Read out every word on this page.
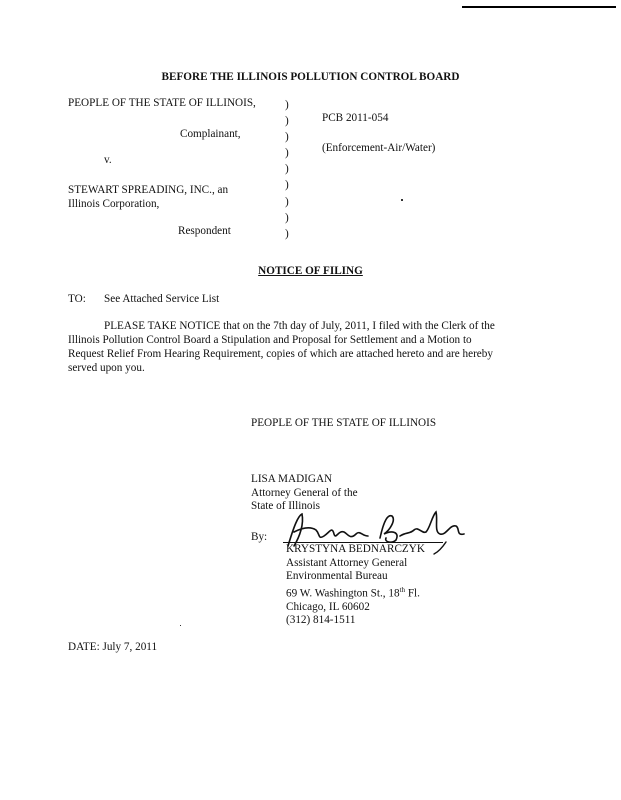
BEFORE THE ILLINOIS POLLUTION CONTROL BOARD
PEOPLE OF THE STATE OF ILLINOIS,
Complainant,
v.
STEWART SPREADING, INC., an
Illinois Corporation,
Respondent
)
)
)
)
)
)
)
)
)
PCB 2011-054
(Enforcement-Air/Water)
NOTICE OF FILING
TO: See Attached Service List
PLEASE TAKE NOTICE that on the 7th day of July, 2011, I filed with the Clerk of the
Illinois Pollution Control Board a Stipulation and Proposal for Settlement and a Motion to
Request Relief From Hearing Requirement, copies of which are attached hereto and are hereby
served upon you.
PEOPLE OF THE STATE OF ILLINOIS
LISA MADIGAN
Attorney General of the
State of Illinois
By:
KRYSTYNA BEDNARCZYK
Assistant Attorney General
Environmental Bureau
69 W. Washington St., 18th Fl.
Chicago, IL 60602
(312) 814-1511
DATE: July 7, 2011
